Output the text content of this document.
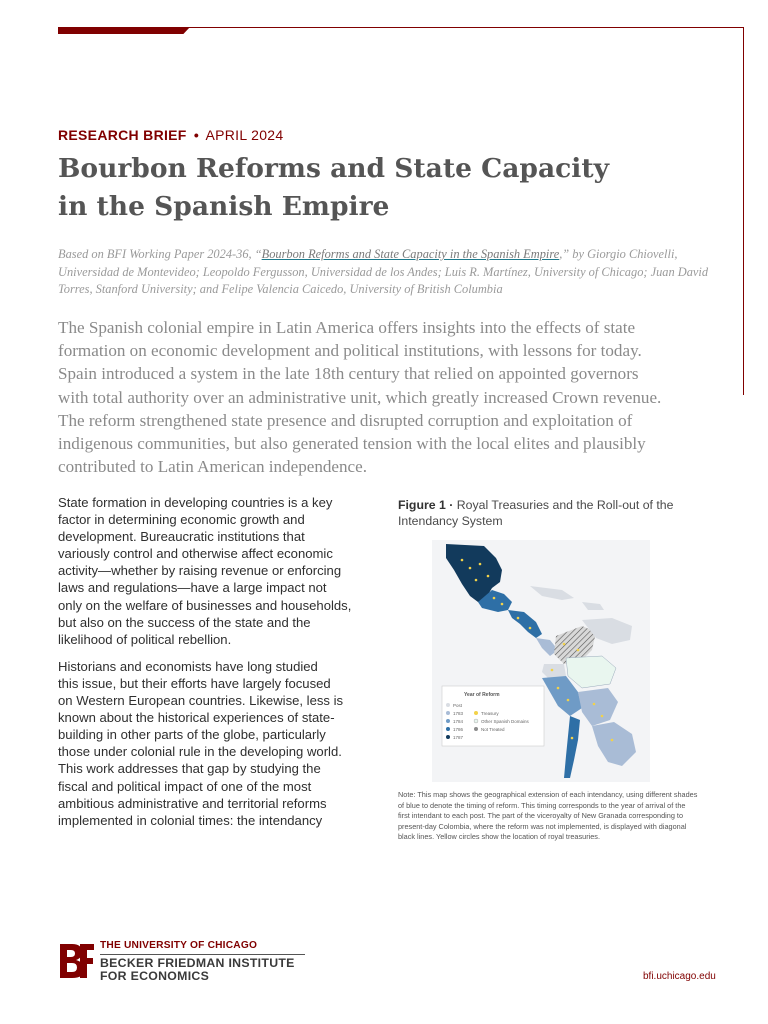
RESEARCH BRIEF • APRIL 2024
Bourbon Reforms and State Capacity
in the Spanish Empire
Based on BFI Working Paper 2024-36, “Bourbon Reforms and State Capacity in the Spanish Empire,” by Giorgio Chiovelli, Universidad de Montevideo; Leopoldo Fergusson, Universidad de los Andes; Luis R. Martínez, University of Chicago; Juan David Torres, Stanford University; and Felipe Valencia Caicedo, University of British Columbia
The Spanish colonial empire in Latin America offers insights into the effects of state
formation on economic development and political institutions, with lessons for today.
Spain introduced a system in the late 18th century that relied on appointed governors
with total authority over an administrative unit, which greatly increased Crown revenue.
The reform strengthened state presence and disrupted corruption and exploitation of
indigenous communities, but also generated tension with the local elites and plausibly
contributed to Latin American independence.

State formation in developing countries is a key
factor in determining economic growth and
development. Bureaucratic institutions that
variously control and otherwise affect economic
activity—whether by raising revenue or enforcing
laws and regulations—have a large impact not
only on the welfare of businesses and households,
but also on the success of the state and the
likelihood of political rebellion.

Historians and economists have long studied
this issue, but their efforts have largely focused
on Western European countries. Likewise, less is
known about the historical experiences of state-
building in other parts of the globe, particularly
those under colonial rule in the developing world.
This work addresses that gap by studying the
fiscal and political impact of one of the most
ambitious administrative and territorial reforms
implemented in colonial times: the intendancy

Figure 1 · Royal Treasuries and the Roll-out of the Intendancy System
Year of Reform
Post
1783
1784
1786
1787
Treasury
Other Spanish Domains
Not Treated
Note: This map shows the geographical extension of each intendancy, using different shades
of blue to denote the timing of reform. This timing corresponds to the year of arrival of the
first intendant to each post. The part of the viceroyalty of New Granada corresponding to
present-day Colombia, where the reform was not implemented, is displayed with diagonal
black lines. Yellow circles show the location of royal treasuries.
THE UNIVERSITY OF CHICAGO
BECKER FRIEDMAN INSTITUTE
FOR ECONOMICS	bfi.uchicago.edu
